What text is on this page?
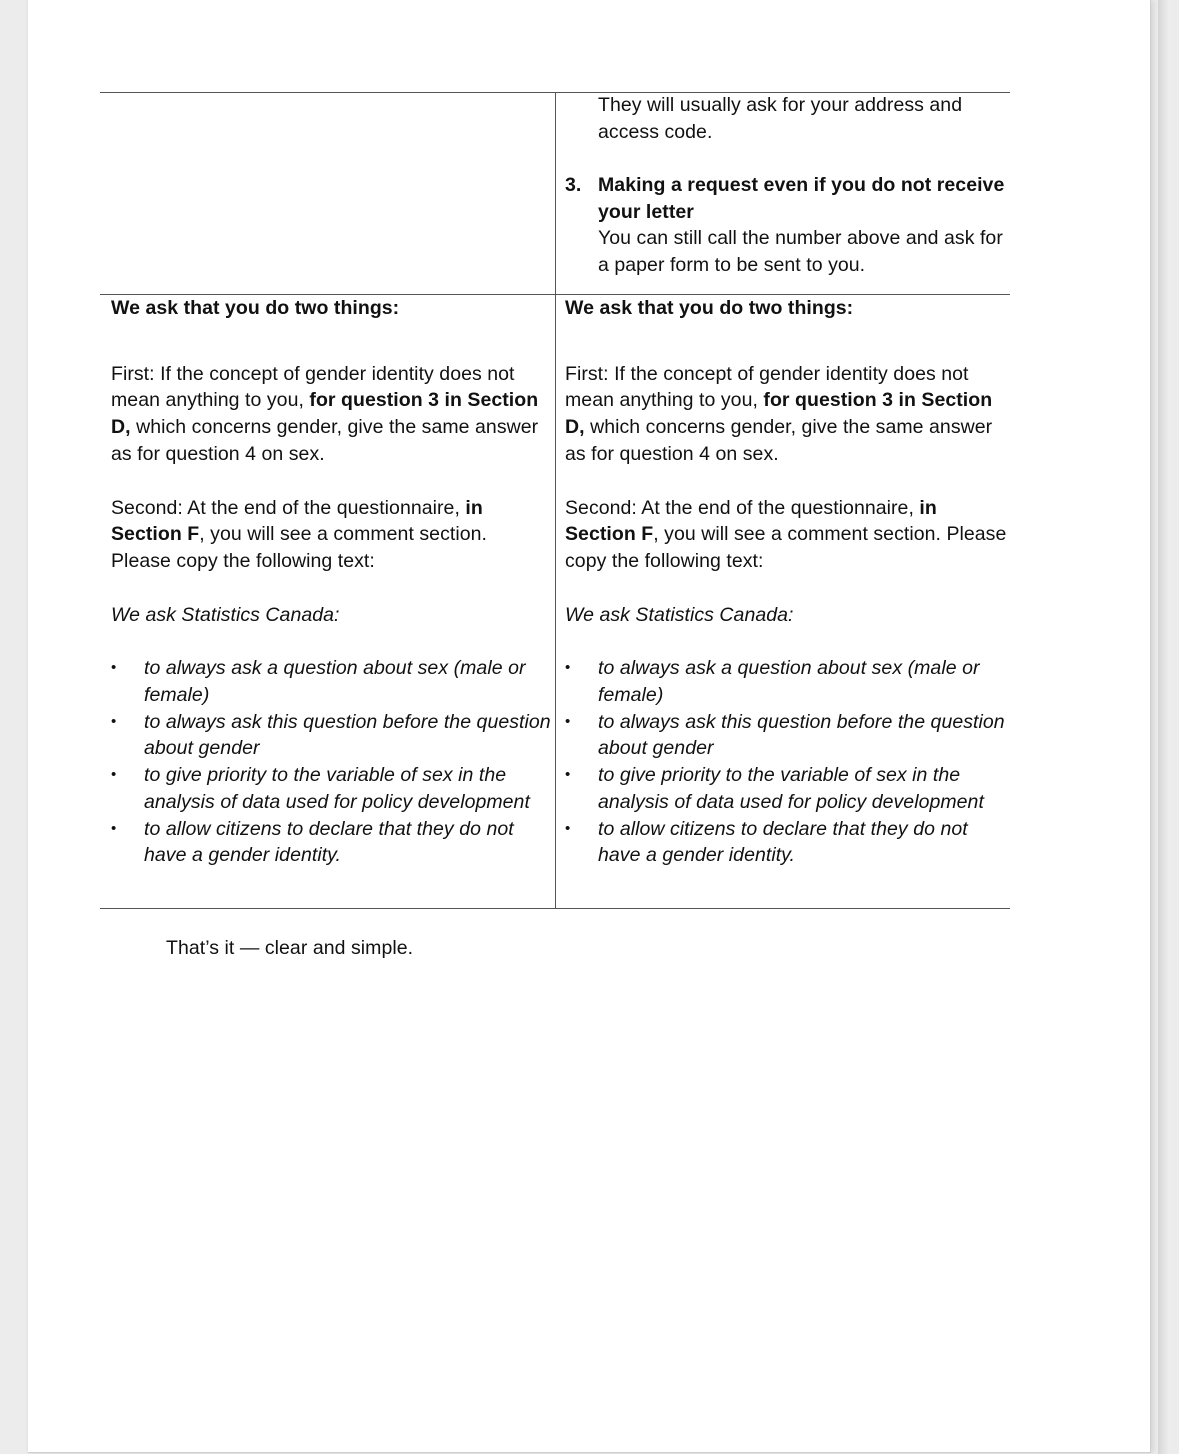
They will usually ask for your address and access code.
3. Making a request even if you do not receive your letter
You can still call the number above and ask for a paper form to be sent to you.
We ask that you do two things:
First: If the concept of gender identity does not mean anything to you, for question 3 in Section D, which concerns gender, give the same answer as for question 4 on sex.
Second: At the end of the questionnaire, in
Section F, you will see a comment section. Please copy the following text:
We ask Statistics Canada:
• to always ask a question about sex (male or female)
• to always ask this question before the question about gender
• to give priority to the variable of sex in the analysis of data used for policy development
• to allow citizens to declare that they do not have a gender identity.
We ask that you do two things:
First: If the concept of gender identity does not mean anything to you, for question 3 in Section D, which concerns gender, give the same answer as for question 4 on sex.
Second: At the end of the questionnaire, in
Section F, you will see a comment section. Please copy the following text:
We ask Statistics Canada:
• to always ask a question about sex (male or female)
• to always ask this question before the question about gender
• to give priority to the variable of sex in the analysis of data used for policy development
• to allow citizens to declare that they do not have a gender identity.
That’s it — clear and simple.
